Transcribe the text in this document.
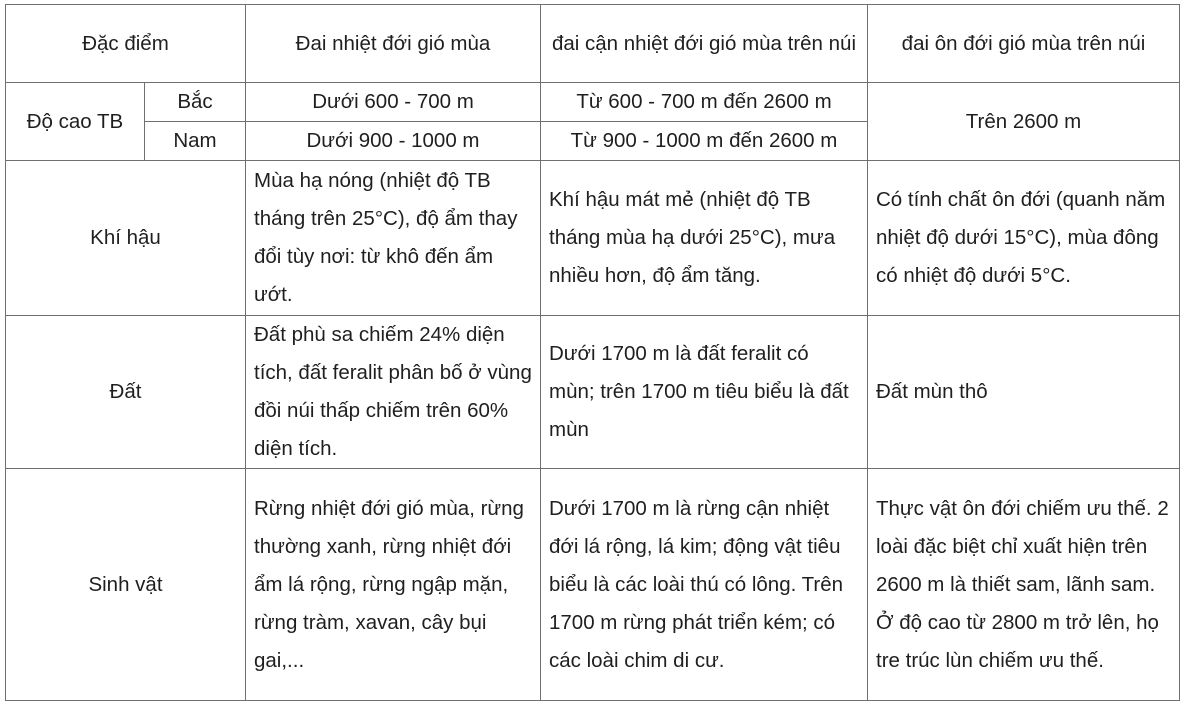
Đặc điểm		Đai nhiệt đới gió mùa	đai cận nhiệt đới gió mùa trên núi	đai ôn đới gió mùa trên núi
Độ cao TB	Bắc	Dưới 600 - 700 m	Từ 600 - 700 m đến 2600 m	Trên 2600 m
	Nam	Dưới 900 - 1000 m	Từ 900 - 1000 m đến 2600 m	
Khí hậu		Mùa hạ nóng (nhiệt độ TB tháng trên 25°C), độ ẩm thay đổi tùy nơi: từ khô đến ẩm ướt.	Khí hậu mát mẻ (nhiệt độ TB tháng mùa hạ dưới 25°C), mưa nhiều hơn, độ ẩm tăng.	Có tính chất ôn đới (quanh năm nhiệt độ dưới 15°C), mùa đông có nhiệt độ dưới 5°C.
Đất		Đất phù sa chiếm 24% diện tích, đất feralit phân bố ở vùng đồi núi thấp chiếm trên 60% diện tích.	Dưới 1700 m là đất feralit có mùn; trên 1700 m tiêu biểu là đất mùn	Đất mùn thô
Sinh vật		Rừng nhiệt đới gió mùa, rừng thường xanh, rừng nhiệt đới ẩm lá rộng, rừng ngập mặn, rừng tràm, xavan, cây bụi gai,...	Dưới 1700 m là rừng cận nhiệt đới lá rộng, lá kim; động vật tiêu biểu là các loài thú có lông. Trên 1700 m rừng phát triển kém; có các loài chim di cư.	Thực vật ôn đới chiếm ưu thế. 2 loài đặc biệt chỉ xuất hiện trên 2600 m là thiết sam, lãnh sam. Ở độ cao từ 2800 m trở lên, họ tre trúc lùn chiếm ưu thế.
